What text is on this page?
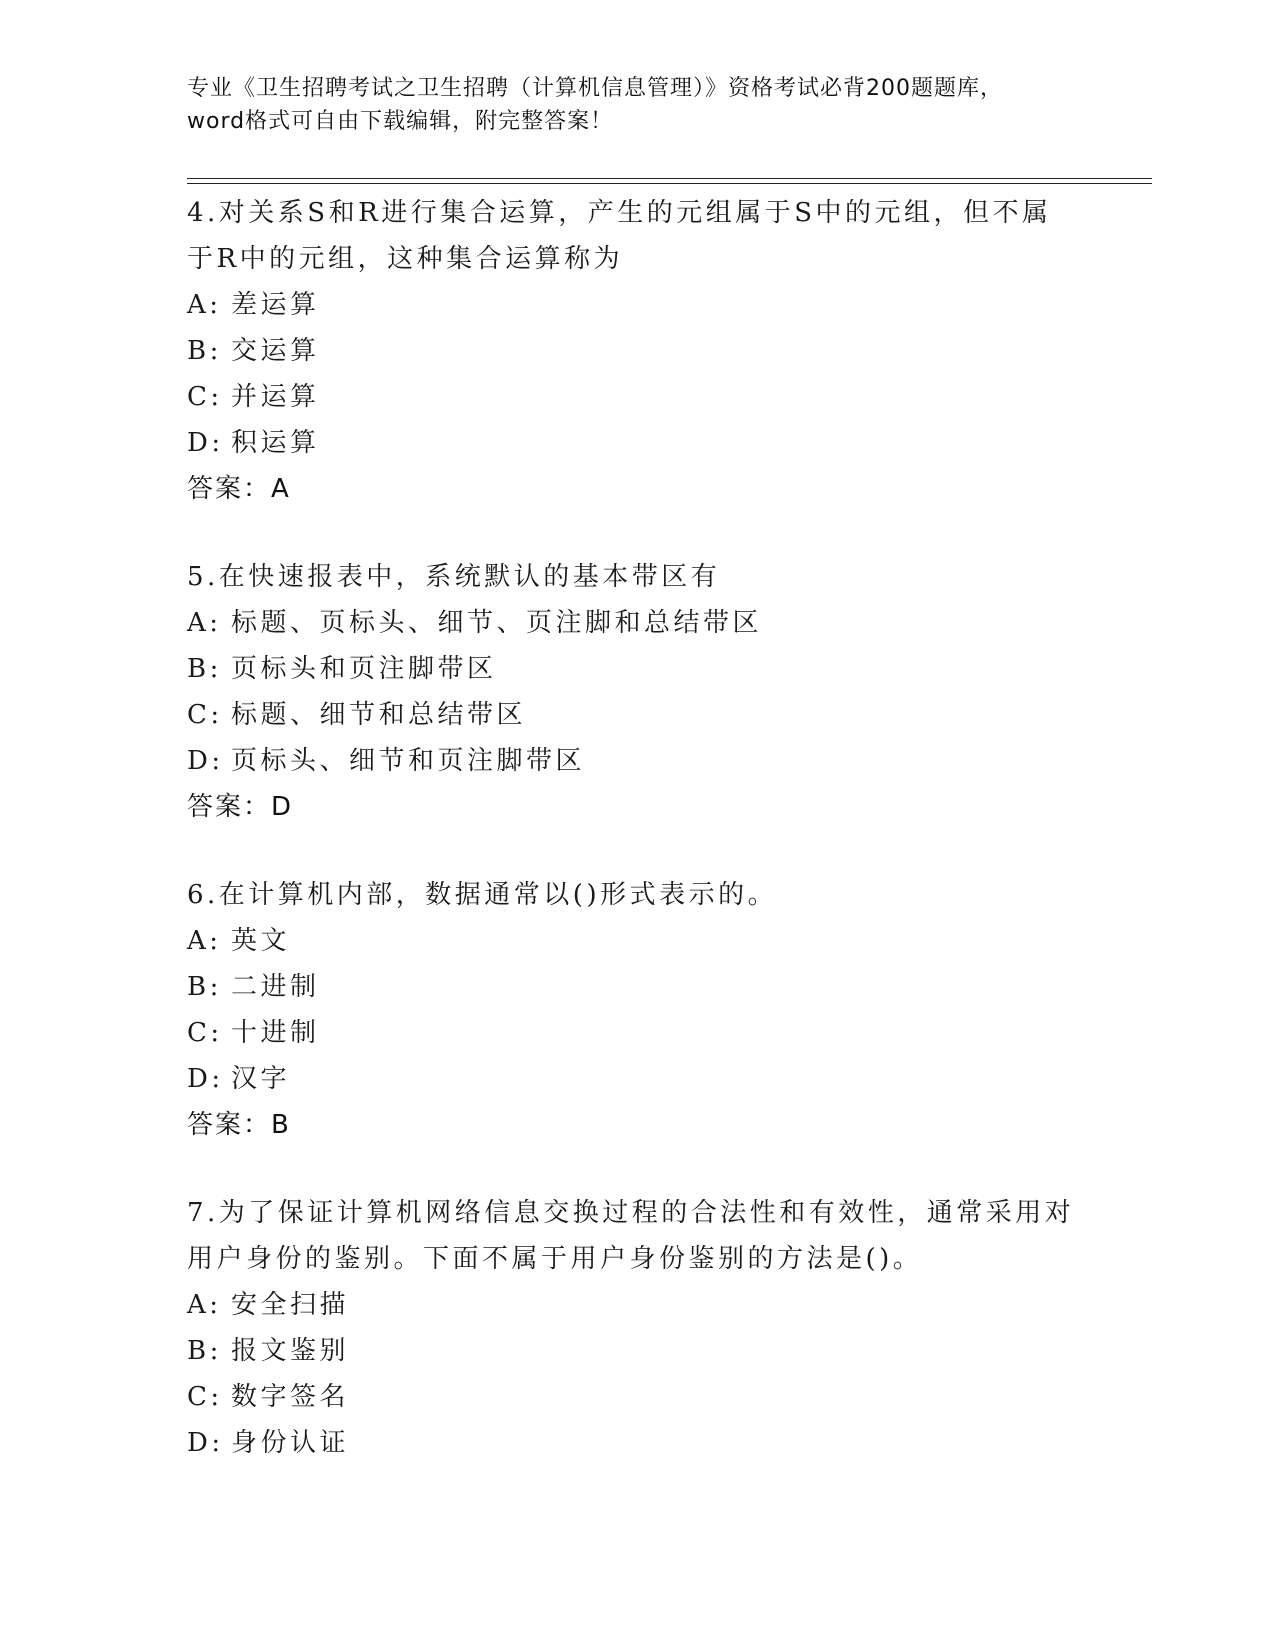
专业《卫生招聘考试之卫生招聘（计算机信息管理）》资格考试必背200题题库，
word格式可自由下载编辑，附完整答案！
4.对关系S和R进行集合运算，产生的元组属于S中的元组，但不属
于R中的元组，这种集合运算称为
A: 差运算
B: 交运算
C: 并运算
D: 积运算
答案：A
5.在快速报表中，系统默认的基本带区有
A: 标题、页标头、细节、页注脚和总结带区
B: 页标头和页注脚带区
C: 标题、细节和总结带区
D: 页标头、细节和页注脚带区
答案：D
6.在计算机内部，数据通常以()形式表示的。
A: 英文
B: 二进制
C: 十进制
D: 汉字
答案：B
7.为了保证计算机网络信息交换过程的合法性和有效性，通常采用对
用户身份的鉴别。下面不属于用户身份鉴别的方法是()。
A: 安全扫描
B: 报文鉴别
C: 数字签名
D: 身份认证
